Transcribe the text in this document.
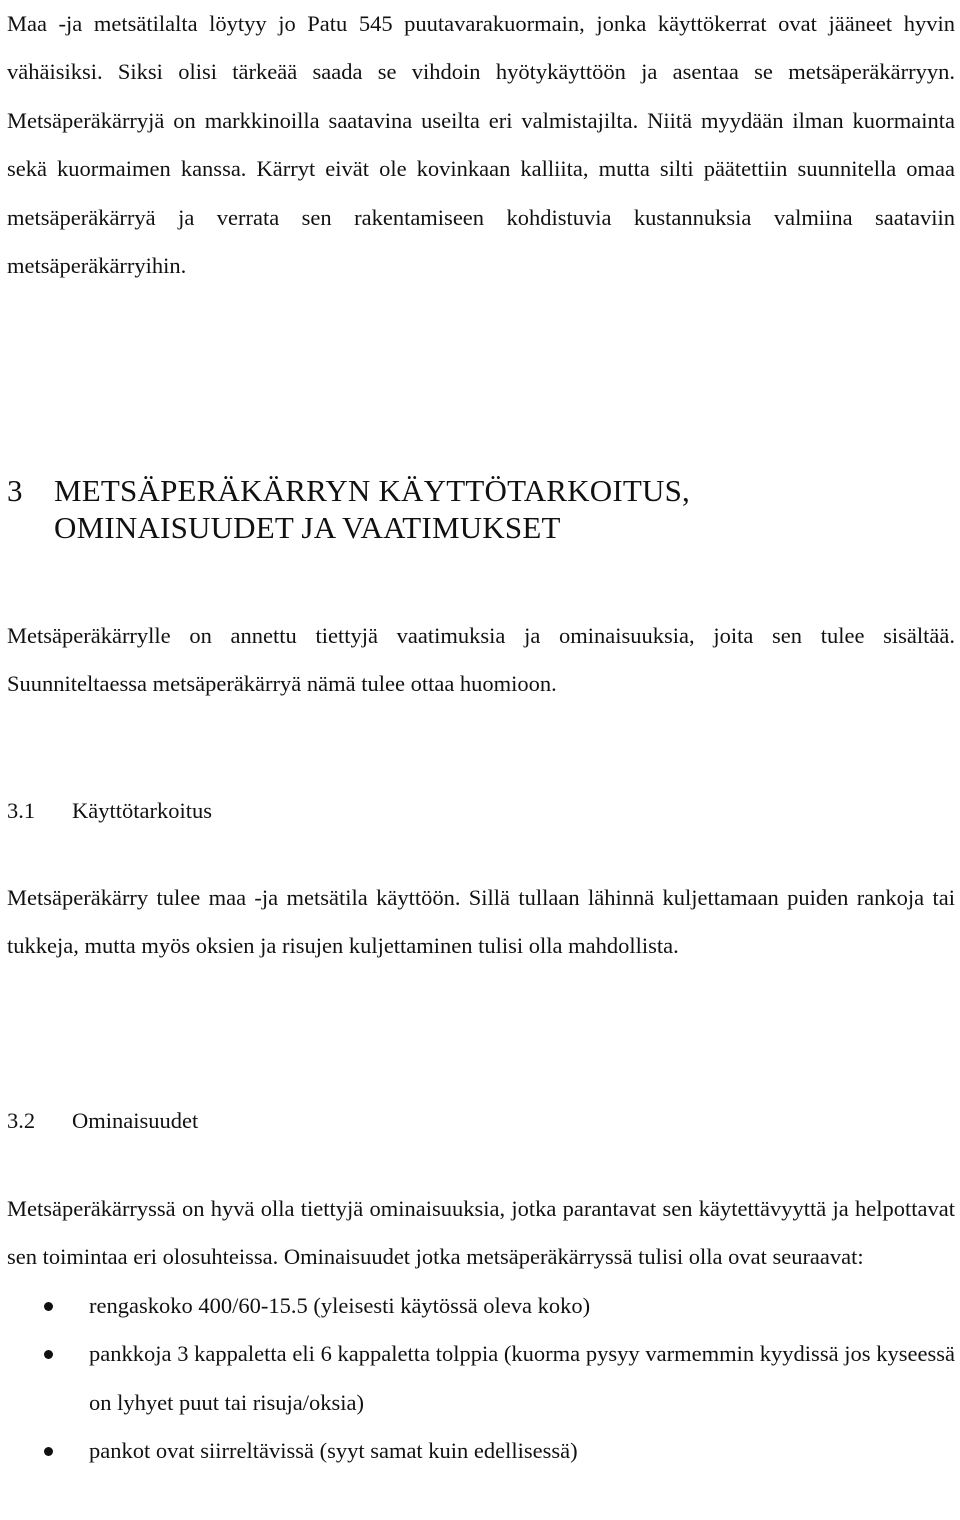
Maa -ja metsätilalta löytyy jo Patu 545 puutavarakuormain, jonka käyttökerrat ovat jääneet hyvin vähäisiksi. Siksi olisi tärkeää saada se vihdoin hyötykäyttöön ja asentaa se metsäperäkärryyn. Metsäperäkärryjä on markkinoilla saatavina useilta eri valmistajilta. Niitä myydään ilman kuormainta sekä kuormaimen kanssa. Kärryt eivät ole kovinkaan kalliita, mutta silti päätettiin suunnitella omaa metsäperäkärryä ja verrata sen rakentamiseen kohdistuvia kustannuksia valmiina saataviin metsäperäkärryihin.

3 METSÄPERÄKÄRRYN KÄYTTÖTARKOITUS,
OMINAISUUDET JA VAATIMUKSET

Metsäperäkärrylle on annettu tiettyjä vaatimuksia ja ominaisuuksia, joita sen tulee sisältää. Suunniteltaessa metsäperäkärryä nämä tulee ottaa huomioon.

3.1 Käyttötarkoitus

Metsäperäkärry tulee maa -ja metsätila käyttöön. Sillä tullaan lähinnä kuljettamaan puiden rankoja tai tukkeja, mutta myös oksien ja risujen kuljettaminen tulisi olla mahdollista.

3.2 Ominaisuudet

Metsäperäkärryssä on hyvä olla tiettyjä ominaisuuksia, jotka parantavat sen käytettävyyttä ja helpottavat sen toimintaa eri olosuhteissa. Ominaisuudet jotka metsäperäkärryssä tulisi olla ovat seuraavat:

rengaskoko 400/60-15.5 (yleisesti käytössä oleva koko)
pankkoja 3 kappaletta eli 6 kappaletta tolppia (kuorma pysyy varmemmin kyydissä jos kyseessä on lyhyet puut tai risuja/oksia)
pankot ovat siirreltävissä (syyt samat kuin edellisessä)
